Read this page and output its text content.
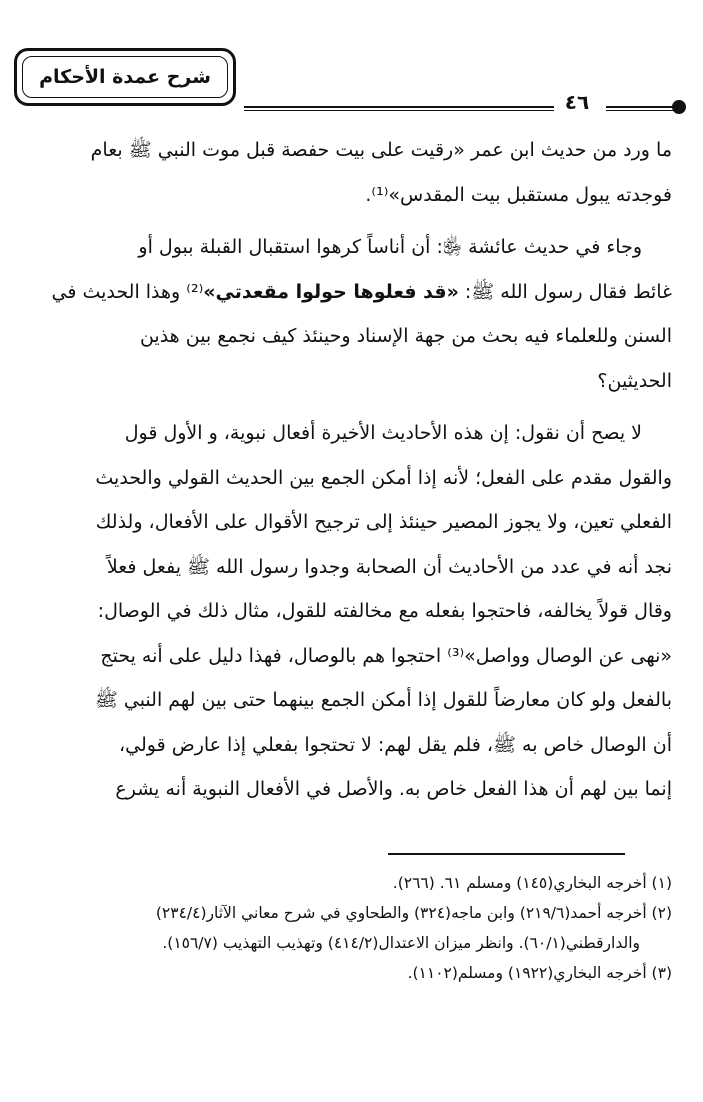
شرح عمدة الأحكام
٤٦

ما ورد من حديث ابن عمر «رقيت على بيت حفصة قبل موت النبي ﷺ بعام
فوجدته يبول مستقبل بيت المقدس»⁽¹⁾.

وجاء في حديث عائشة ﵂: أن أناساً كرهوا استقبال القبلة ببول أو
غائط فقال رسول الله ﷺ: «قد فعلوها حولوا مقعدتي»⁽²⁾ وهذا الحديث في
السنن وللعلماء فيه بحث من جهة الإسناد وحينئذ كيف نجمع بين هذين
الحديثين؟

لا يصح أن نقول: إن هذه الأحاديث الأخيرة أفعال نبوية، و الأول قول
والقول مقدم على الفعل؛ لأنه إذا أمكن الجمع بين الحديث القولي والحديث
الفعلي تعين، ولا يجوز المصير حينئذ إلى ترجيح الأقوال على الأفعال، ولذلك
نجد أنه في عدد من الأحاديث أن الصحابة وجدوا رسول الله ﷺ يفعل فعلاً
وقال قولاً يخالفه، فاحتجوا بفعله مع مخالفته للقول، مثال ذلك في الوصال:
«نهى عن الوصال وواصل»⁽³⁾ احتجوا هم بالوصال، فهذا دليل على أنه يحتج
بالفعل ولو كان معارضاً للقول إذا أمكن الجمع بينهما حتى بين لهم النبي ﷺ
أن الوصال خاص به ﷺ، فلم يقل لهم: لا تحتجوا بفعلي إذا عارض قولي،
إنما بين لهم أن هذا الفعل خاص به. والأصل في الأفعال النبوية أنه يشرع

(١) أخرجه البخاري(١٤٥) ومسلم ٦١. (٢٦٦).

(٢) أخرجه أحمد(٢١٩/٦) وابن ماجه(٣٢٤) والطحاوي في شرح معاني الآثار(٢٣٤/٤)

والدارقطني(٦٠/١). وانظر ميزان الاعتدال(٤١٤/٢) وتهذيب التهذيب (١٥٦/٧).

(٣) أخرجه البخاري(١٩٢٢) ومسلم(١١٠٢).
